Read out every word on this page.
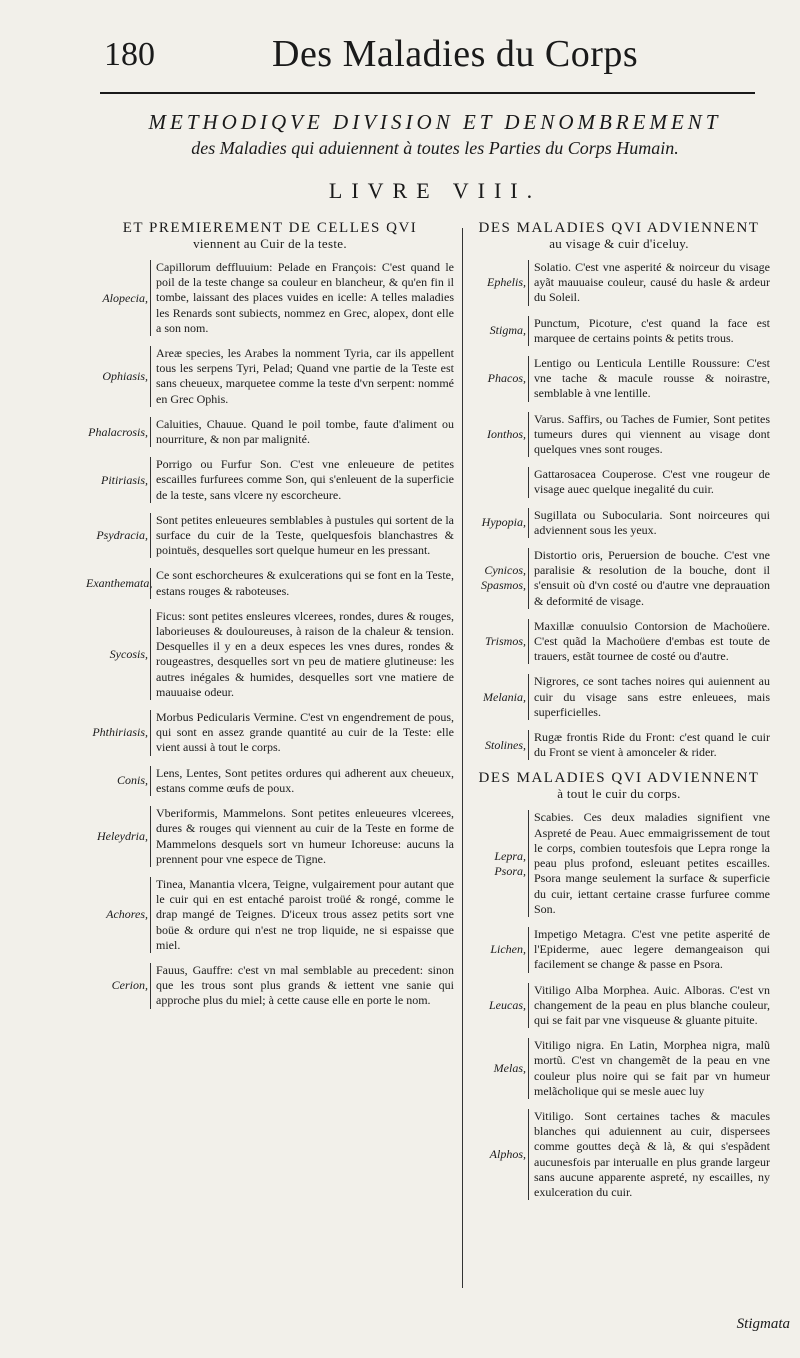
180	Des Maladies du Corps
METHODIQVE DIVISION ET DENOMBREMENT
des Maladies qui aduiennent à toutes les Parties du Corps Humain.
LIVRE VIII.
ET PREMIEREMENT DE CELLES QVI
viennent au Cuir de la teste.
Alopecia,
Capillorum deffluuium: Pelade en François: C'est quand le poil de la teste change sa couleur en blancheur, & qu'en fin il tombe, laissant des places vuides en icelle: A telles maladies les Renards sont subiects, nommez en Grec, alopex, dont elle a son nom.
Ophiasis,
Areæ species, les Arabes la nomment Tyria, car ils appellent tous les serpens Tyri, Pelad; Quand vne partie de la Teste est sans cheueux, marquetee comme la teste d'vn serpent: nommé en Grec Ophis.
Phalacrosis,
Caluities, Chauue. Quand le poil tombe, faute d'aliment ou nourriture, & non par malignité.
Pitiriasis,
Porrigo ou Furfur Son. C'est vne enleueure de petites escailles furfurees comme Son, qui s'enleuent de la superficie de la teste, sans vlcere ny escorcheure.
Psydracia,
Sont petites enleueures semblables à pustules qui sortent de la surface du cuir de la Teste, quelquesfois blanchastres & pointuës, desquelles sort quelque humeur en les pressant.
Exanthemata,
Ce sont eschorcheures & exulcerations qui se font en la Teste, estans rouges & raboteuses.
Sycosis,
Ficus: sont petites ensleures vlcerees, rondes, dures & rouges, laborieuses & douloureuses, à raison de la chaleur & tension. Desquelles il y en a deux especes les vnes dures, rondes & rougeastres, desquelles sort vn peu de matiere glutineuse: les autres inégales & humides, desquelles sort vne matiere de mauuaise odeur.
Phthiriasis,
Morbus Pedicularis Vermine. C'est vn engendrement de pous, qui sont en assez grande quantité au cuir de la Teste: elle vient aussi à tout le corps.
Conis,
Lens, Lentes, Sont petites ordures qui adherent aux cheueux, estans comme œufs de poux.
Heleydria,
Vberiformis, Mammelons. Sont petites enleueures vlcerees, dures & rouges qui viennent au cuir de la Teste en forme de Mammelons desquels sort vn humeur Ichoreuse: aucuns la prennent pour vne espece de Tigne.
Achores,
Tinea, Manantia vlcera, Teigne, vulgairement pour autant que le cuir qui en est entaché paroist troüé & rongé, comme le drap mangé de Teignes. D'iceux trous assez petits sort vne boüe & ordure qui n'est ne trop liquide, ne si espaisse que miel.
Cerion,
Fauus, Gauffre: c'est vn mal semblable au precedent: sinon que les trous sont plus grands & iettent vne sanie qui approche plus du miel; à cette cause elle en porte le nom.
DES MALADIES QVI ADVIENNENT
au visage & cuir d'iceluy.
Ephelis,
Solatio. C'est vne asperité & noirceur du visage ayãt mauuaise couleur, causé du hasle & ardeur du Soleil.
Stigma,
Punctum, Picoture, c'est quand la face est marquee de certains points & petits trous.
Phacos,
Lentigo ou Lenticula Lentille Roussure: C'est vne tache & macule rousse & noirastre, semblable à vne lentille.
Ionthos,
Varus. Saffirs, ou Taches de Fumier, Sont petites tumeurs dures qui viennent au visage dont quelques vnes sont rouges.
Gattarosacea Couperose. C'est vne rougeur de visage auec quelque inegalité du cuir.
Hypopia,
Sugillata ou Subocularia. Sont noirceures qui adviennent sous les yeux.
Cynicos, Spasmos,
Distortio oris, Peruersion de bouche. C'est vne paralisie & resolution de la bouche, dont il s'ensuit où d'vn costé ou d'autre vne deprauation & deformité de visage.
Trismos,
Maxillæ conuulsio Contorsion de Machoüere. C'est quãd la Machoüere d'embas est toute de trauers, estãt tournee de costé ou d'autre.
Melania,
Nigrores, ce sont taches noires qui auiennent au cuir du visage sans estre enleuees, mais superficielles.
Stolines,
Rugæ frontis Ride du Front: c'est quand le cuir du Front se vient à amonceler & rider.
DES MALADIES QVI ADVIENNENT
à tout le cuir du corps.
Lepra, Psora,
Scabies. Ces deux maladies signifient vne Aspreté de Peau. Auec emmaigrissement de tout le corps, combien toutesfois que Lepra ronge la peau plus profond, esleuant petites escailles. Psora mange seulement la surface & superficie du cuir, iettant certaine crasse furfuree comme Son.
Lichen,
Impetigo Metagra. C'est vne petite asperité de l'Epiderme, auec legere demangeaison qui facilement se change & passe en Psora.
Leucas,
Vitiligo Alba Morphea. Auic. Alboras. C'est vn changement de la peau en plus blanche couleur, qui se fait par vne visqueuse & gluante pituite.
Melas,
Vitiligo nigra. En Latin, Morphea nigra, malũ mortũ. C'est vn changemẽt de la peau en vne couleur plus noire qui se fait par vn humeur melãcholique qui se mesle auec luy
Alphos,
Vitiligo. Sont certaines taches & macules blanches qui aduiennent au cuir, dispersees comme gouttes deçà & là, & qui s'espãdent aucunesfois par interualle en plus grande largeur sans aucune apparente aspreté, ny escailles, ny exulceration du cuir.
Stigmata
